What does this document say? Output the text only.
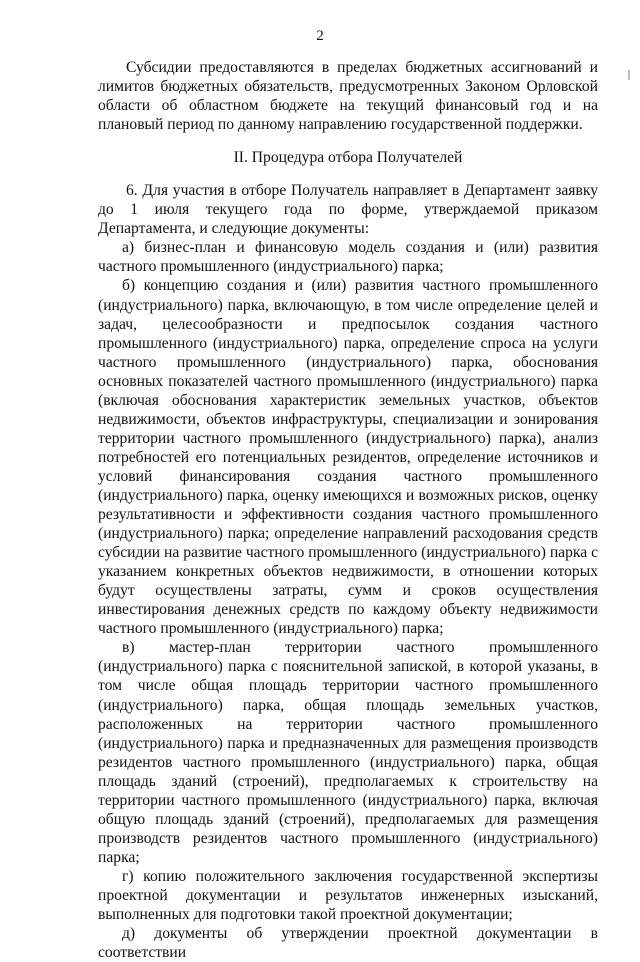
2

Субсидии предоставляются в пределах бюджетных ассигнований и лимитов бюджетных обязательств, предусмотренных Законом Орловской области об областном бюджете на текущий финансовый год и на плановый период по данному направлению государственной поддержки.

II. Процедура отбора Получателей

6. Для участия в отборе Получатель направляет в Департамент заявку до 1 июля текущего года по форме, утверждаемой приказом Департамента, и следующие документы:

а) бизнес-план и финансовую модель создания и (или) развития частного промышленного (индустриального) парка;

б) концепцию создания и (или) развития частного промышленного (индустриального) парка, включающую, в том числе определение целей и задач, целесообразности и предпосылок создания частного промышленного (индустриального) парка, определение спроса на услуги частного промышленного (индустриального) парка, обоснования основных показателей частного промышленного (индустриального) парка (включая обоснования характеристик земельных участков, объектов недвижимости, объектов инфраструктуры, специализации и зонирования территории частного промышленного (индустриального) парка), анализ потребностей его потенциальных резидентов, определение источников и условий финансирования создания частного промышленного (индустриального) парка, оценку имеющихся и возможных рисков, оценку результативности и эффективности создания частного промышленного (индустриального) парка; определение направлений расходования средств субсидии на развитие частного промышленного (индустриального) парка с указанием конкретных объектов недвижимости, в отношении которых будут осуществлены затраты, сумм и сроков осуществления инвестирования денежных средств по каждому объекту недвижимости частного промышленного (индустриального) парка;

в) мастер-план территории частного промышленного (индустриального) парка с пояснительной запиской, в которой указаны, в том числе общая площадь территории частного промышленного (индустриального) парка, общая площадь земельных участков, расположенных на территории частного промышленного (индустриального) парка и предназначенных для размещения производств резидентов частного промышленного (индустриального) парка, общая площадь зданий (строений), предполагаемых к строительству на территории частного промышленного (индустриального) парка, включая общую площадь зданий (строений), предполагаемых для размещения производств резидентов частного промышленного (индустриального) парка;

г) копию положительного заключения государственной экспертизы проектной документации и результатов инженерных изысканий, выполненных для подготовки такой проектной документации;

д) документы об утверждении проектной документации в соответствии
